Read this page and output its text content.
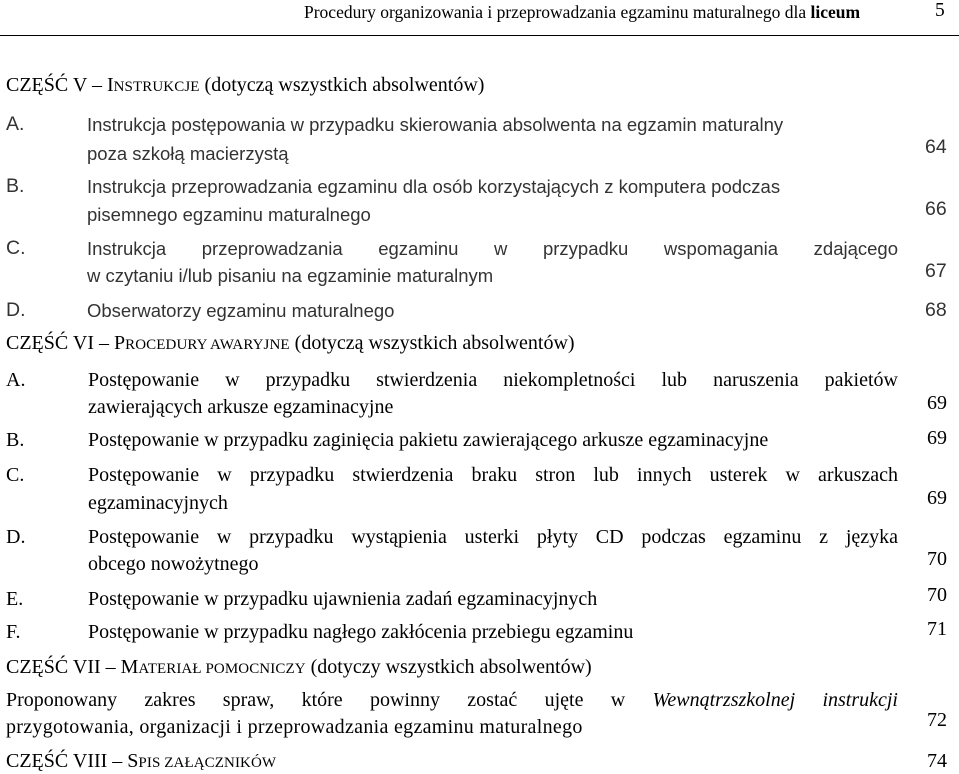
Procedury organizowania i przeprowadzania egzaminu maturalnego dla liceum	5
CZĘŚĆ V – INSTRUKCJE (dotyczą wszystkich absolwentów)
A.	Instrukcja postępowania w przypadku skierowania absolwenta na egzamin maturalny
poza szkołą macierzystą	64
B.	Instrukcja przeprowadzania egzaminu dla osób korzystających z komputera podczas
pisemnego egzaminu maturalnego	66
C.	Instrukcja przeprowadzania egzaminu w przypadku wspomagania zdającego
w czytaniu i/lub pisaniu na egzaminie maturalnym	67
D.	Obserwatorzy egzaminu maturalnego	68
CZĘŚĆ VI – PROCEDURY AWARYJNE (dotyczą wszystkich absolwentów)
A.	Postępowanie w przypadku stwierdzenia niekompletności lub naruszenia pakietów
zawierających arkusze egzaminacyjne	69
B.	Postępowanie w przypadku zaginięcia pakietu zawierającego arkusze egzaminacyjne	69
C.	Postępowanie w przypadku stwierdzenia braku stron lub innych usterek w arkuszach
egzaminacyjnych	69
D.	Postępowanie w przypadku wystąpienia usterki płyty CD podczas egzaminu z języka
obcego nowożytnego	70
E.	Postępowanie w przypadku ujawnienia zadań egzaminacyjnych	70
F.	Postępowanie w przypadku nagłego zakłócenia przebiegu egzaminu	71
CZĘŚĆ VII – MATERIAŁ POMOCNICZY (dotyczy wszystkich absolwentów)
Proponowany zakres spraw, które powinny zostać ujęte w Wewnątrzszkolnej instrukcji
przygotowania, organizacji i przeprowadzania egzaminu maturalnego	72
CZĘŚĆ VIII – SPIS ZAŁĄCZNIKÓW	74
